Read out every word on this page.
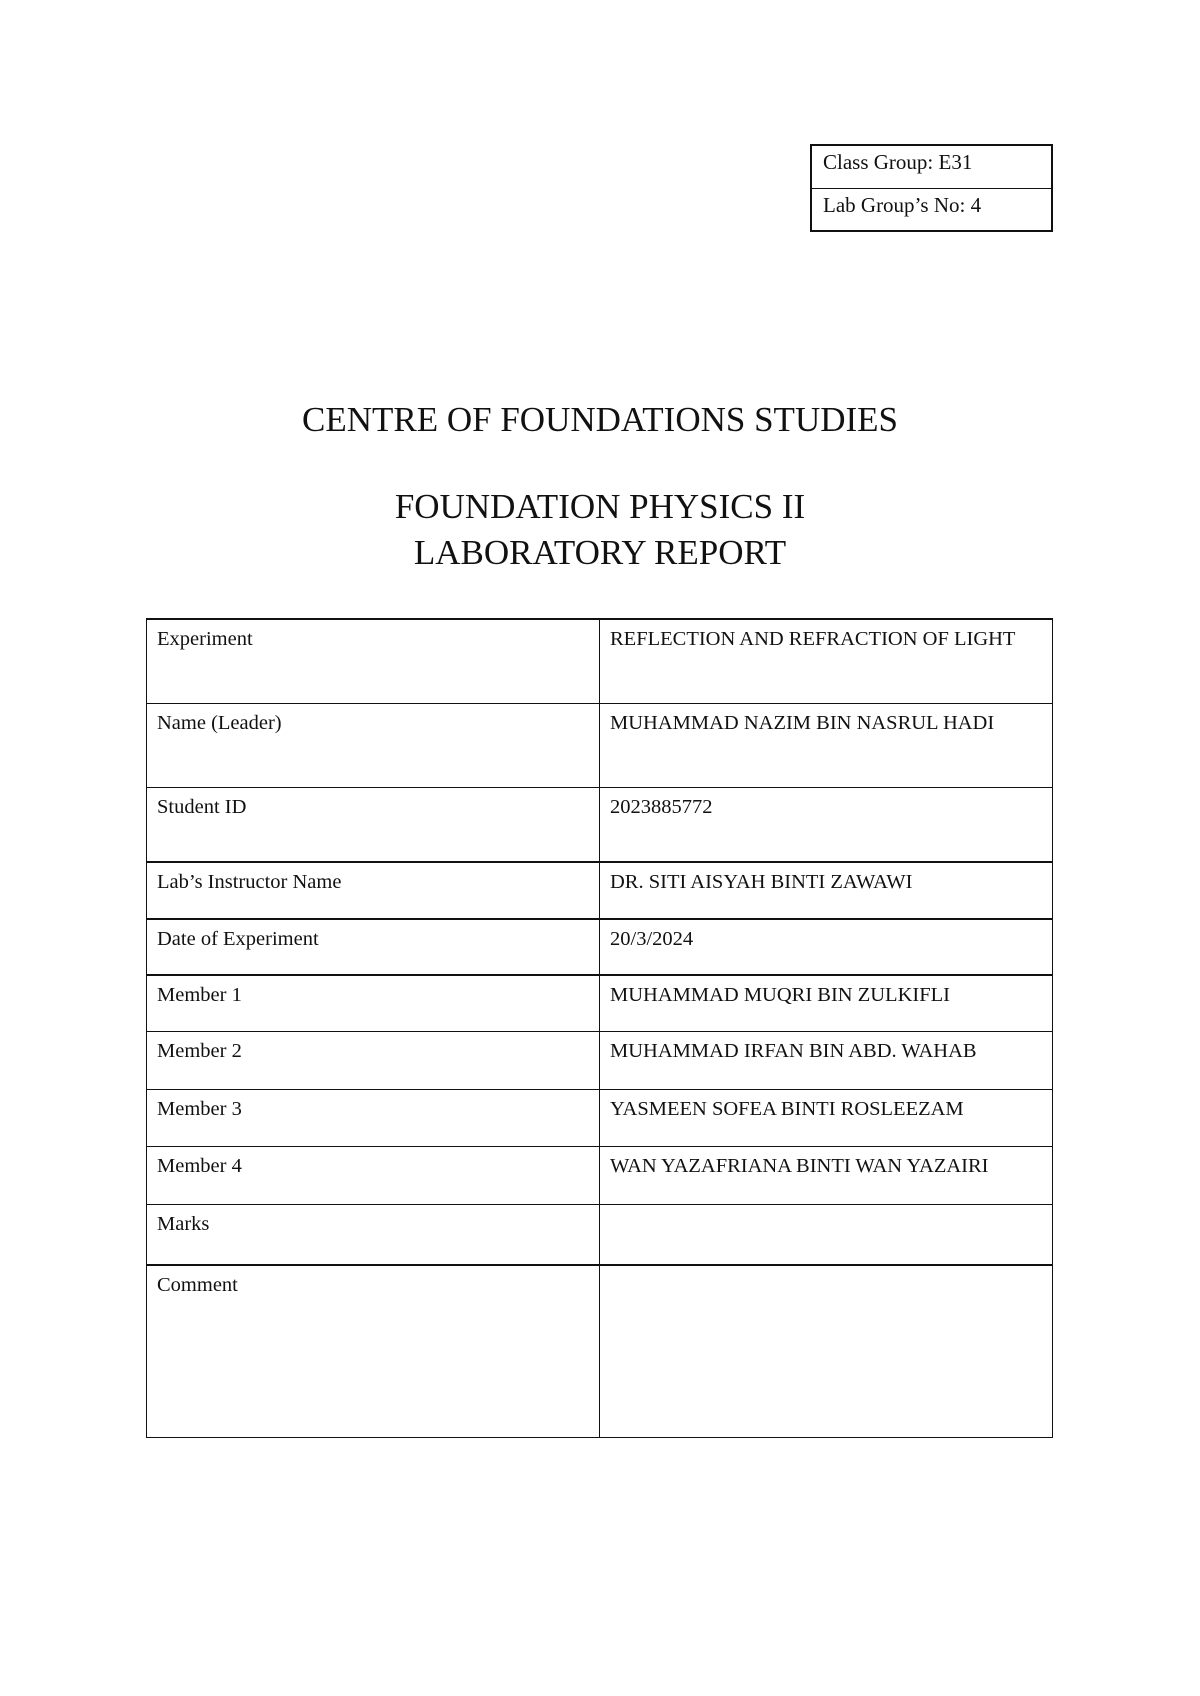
Class Group: E31
Lab Group’s No: 4
CENTRE OF FOUNDATIONS STUDIES
FOUNDATION PHYSICS II
LABORATORY REPORT
Experiment	REFLECTION AND REFRACTION OF LIGHT
Name (Leader)	MUHAMMAD NAZIM BIN NASRUL HADI
Student ID	2023885772
Lab’s Instructor Name	DR. SITI AISYAH BINTI ZAWAWI
Date of Experiment	20/3/2024
Member 1	MUHAMMAD MUQRI BIN ZULKIFLI
Member 2	MUHAMMAD IRFAN BIN ABD. WAHAB
Member 3	YASMEEN SOFEA BINTI ROSLEEZAM
Member 4	WAN YAZAFRIANA BINTI WAN YAZAIRI
Marks	
Comment	
